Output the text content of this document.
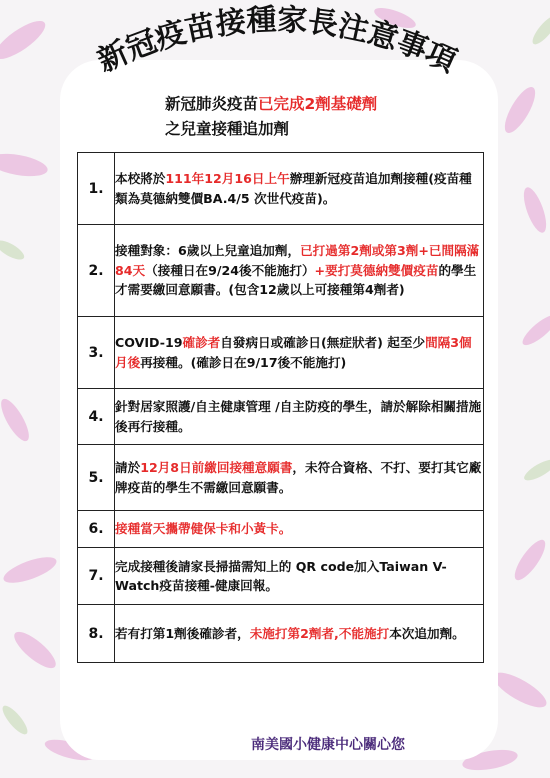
新冠疫苗接種家長注意事項
新冠肺炎疫苗已完成2劑基礎劑
之兒童接種追加劑
1.	本校將於111年12月16日上午辦理新冠疫苗追加劑接種(疫苗種類為莫德納雙價BA.4/5 次世代疫苗)。
2.	接種對象：6歲以上兒童追加劑，已打過第2劑或第3劑+已間隔滿84天（接種日在9/24後不能施打）+要打莫德納雙價疫苗的學生才需要繳回意願書。(包含12歲以上可接種第4劑者)
3.	COVID-19確診者自發病日或確診日(無症狀者) 起至少間隔3個月後再接種。(確診日在9/17後不能施打)
4.	針對居家照護/自主健康管理 /自主防疫的學生，請於解除相關措施後再行接種。
5.	請於12月8日前繳回接種意願書，未符合資格、不打、要打其它廠牌疫苗的學生不需繳回意願書。
6.	接種當天攜帶健保卡和小黃卡。
7.	完成接種後請家長掃描需知上的 QR code加入Taiwan V-Watch疫苗接種-健康回報。
8.	若有打第1劑後確診者，未施打第2劑者,不能施打本次追加劑。
南美國小健康中心關心您
